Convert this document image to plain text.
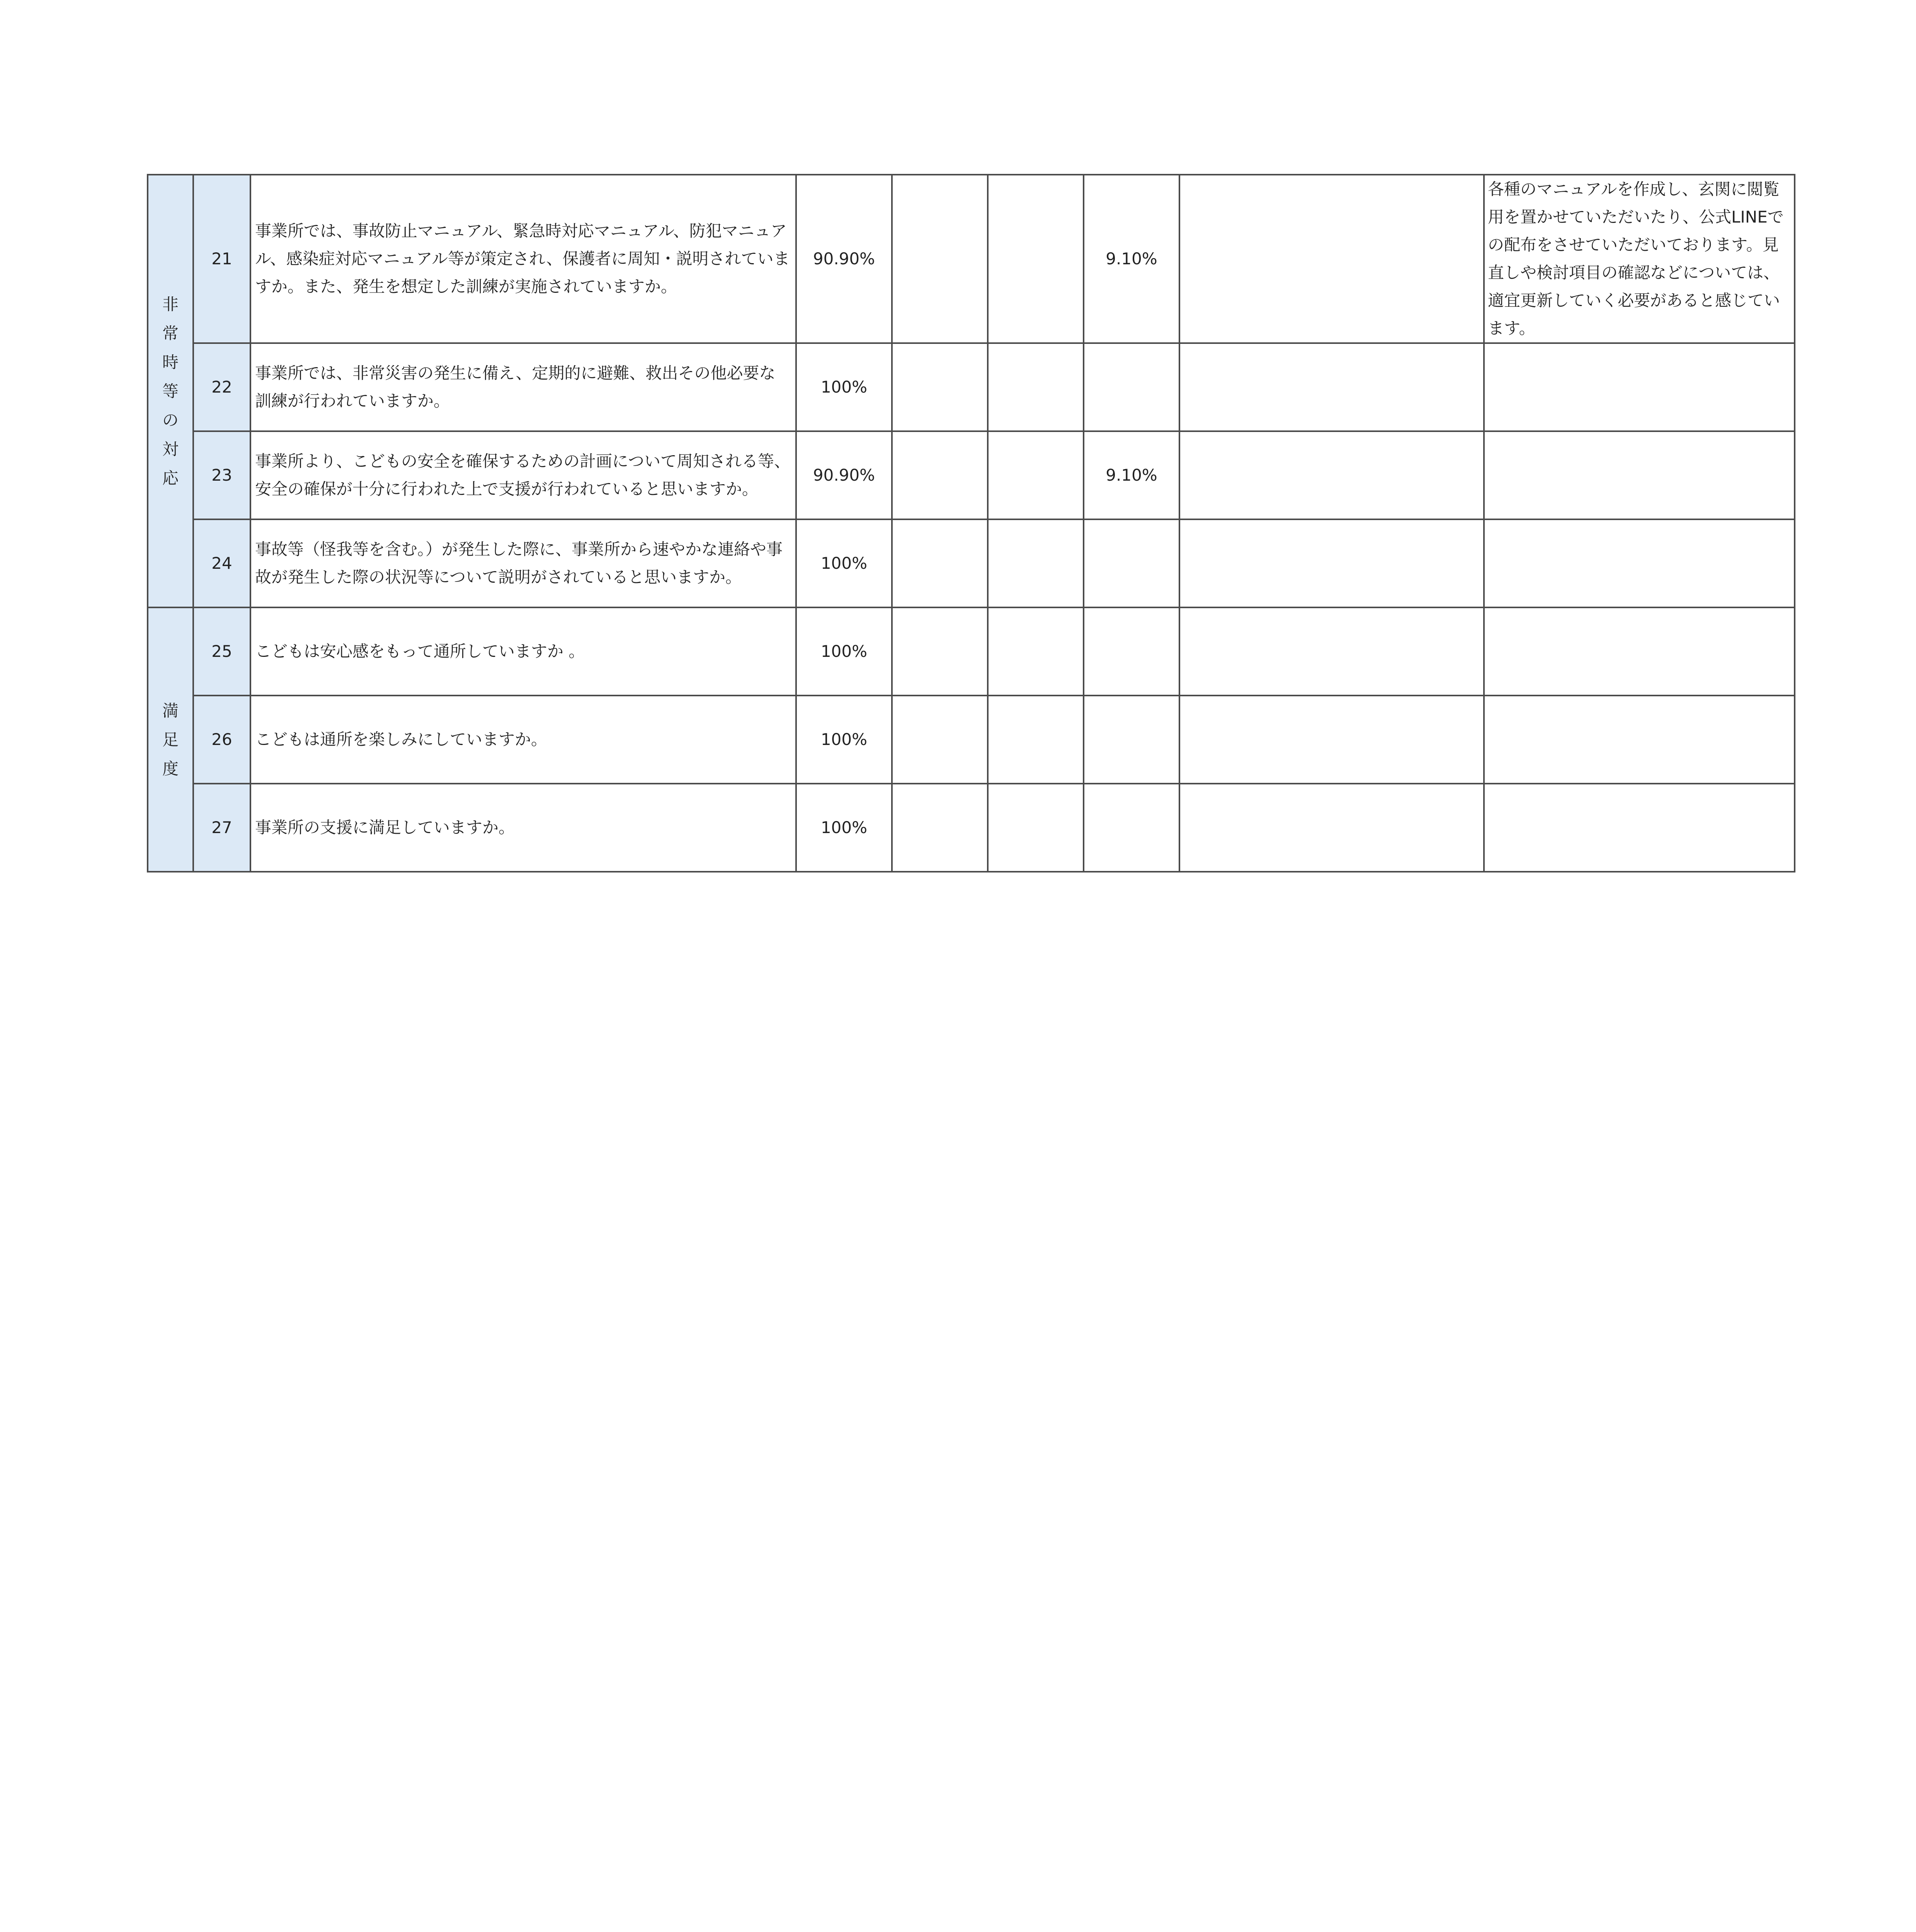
非常時等の対応	21	事業所では、事故防止マニュアル、緊急時対応マニュアル、防犯マニュアル、感染症対応マニュアル等が策定され、保護者に周知・説明されていますか。また、発生を想定した訓練が実施されていますか。	90.90%			9.10%		各種のマニュアルを作成し、玄関に閲覧用を置かせていただいたり、公式LINEでの配布をさせていただいております。見直しや検討項目の確認などについては、適宜更新していく必要があると感じています。
	22	事業所では、非常災害の発生に備え、定期的に避難、救出その他必要な訓練が行われていますか。	100%					
	23	事業所より、こどもの安全を確保するための計画について周知される等、安全の確保が十分に行われた上で支援が行われていると思いますか。	90.90%			9.10%		
	24	事故等（怪我等を含む。）が発生した際に、事業所から速やかな連絡や事故が発生した際の状況等について説明がされていると思いますか。	100%					
満足度	25	こどもは安心感をもって通所していますか 。	100%					
	26	こどもは通所を楽しみにしていますか。	100%					
	27	事業所の支援に満足していますか。	100%					
